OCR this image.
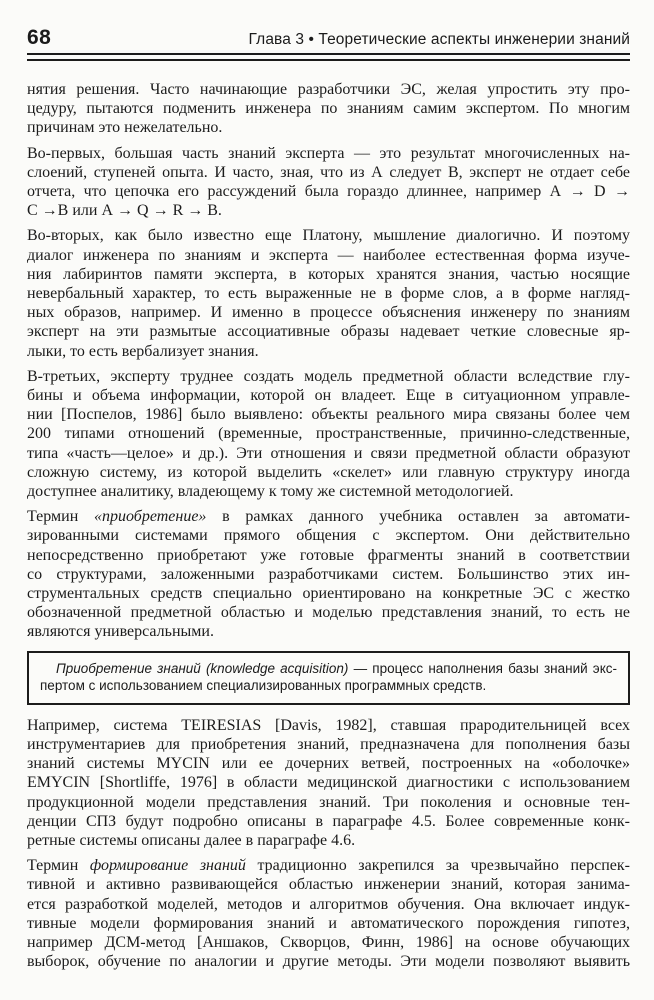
68	Глава 3 • Теоретические аспекты инженерии знаний
нятия решения. Часто начинающие разработчики ЭС, желая упростить эту про-
цедуру, пытаются подменить инженера по знаниям самим экспертом. По многим
причинам это нежелательно.
Во-первых, большая часть знаний эксперта — это результат многочисленных на-
слоений, ступеней опыта. И часто, зная, что из А следует В, эксперт не отдает себе
отчета, что цепочка его рассуждений была гораздо длиннее, например А → D →
С →В или А → Q → R → В.
Во-вторых, как было известно еще Платону, мышление диалогично. И поэтому
диалог инженера по знаниям и эксперта — наиболее естественная форма изуче-
ния лабиринтов памяти эксперта, в которых хранятся знания, частью носящие
невербальный характер, то есть выраженные не в форме слов, а в форме нагляд-
ных образов, например. И именно в процессе объяснения инженеру по знаниям
эксперт на эти размытые ассоциативные образы надевает четкие словесные яр-
лыки, то есть вербализует знания.
В-третьих, эксперту труднее создать модель предметной области вследствие глу-
бины и объема информации, которой он владеет. Еще в ситуационном управле-
нии [Поспелов, 1986] было выявлено: объекты реального мира связаны более чем
200 типами отношений (временные, пространственные, причинно-следственные,
типа «часть—целое» и др.). Эти отношения и связи предметной области образуют
сложную систему, из которой выделить «скелет» или главную структуру иногда
доступнее аналитику, владеющему к тому же системной методологией.
Термин «приобретение» в рамках данного учебника оставлен за автомати-
зированными системами прямого общения с экспертом. Они действительно
непосредственно приобретают уже готовые фрагменты знаний в соответствии
со структурами, заложенными разработчиками систем. Большинство этих ин-
струментальных средств специально ориентировано на конкретные ЭС с жестко
обозначенной предметной областью и моделью представления знаний, то есть не
являются универсальными.
Приобретение знаний (knowledge acquisition) — процесс наполнения базы знаний экс-
пертом с использованием специализированных программных средств.
Например, система TEIRESIAS [Davis, 1982], ставшая прародительницей всех
инструментариев для приобретения знаний, предназначена для пополнения базы
знаний системы MYCIN или ее дочерних ветвей, построенных на «оболочке»
EMYCIN [Shortliffe, 1976] в области медицинской диагностики с использованием
продукционной модели представления знаний. Три поколения и основные тен-
денции СПЗ будут подробно описаны в параграфе 4.5. Более современные конк-
ретные системы описаны далее в параграфе 4.6.
Термин формирование знаний традиционно закрепился за чрезвычайно перспек-
тивной и активно развивающейся областью инженерии знаний, которая занима-
ется разработкой моделей, методов и алгоритмов обучения. Она включает индук-
тивные модели формирования знаний и автоматического порождения гипотез,
например ДСМ-метод [Аншаков, Скворцов, Финн, 1986] на основе обучающих
выборок, обучение по аналогии и другие методы. Эти модели позволяют выявить
